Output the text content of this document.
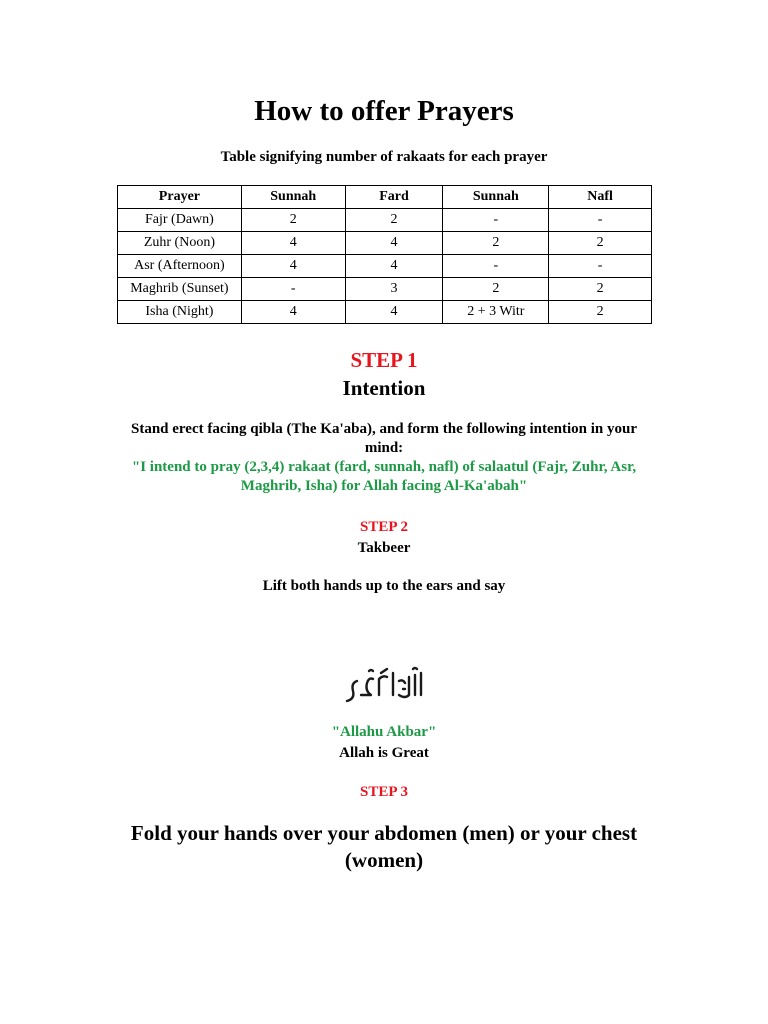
How to offer Prayers
Table signifying number of rakaats for each prayer
Prayer	Sunnah	Fard	Sunnah	Nafl
Fajr (Dawn)	2	2	-	-
Zuhr (Noon)	4	4	2	2
Asr (Afternoon)	4	4	-	-
Maghrib (Sunset)	-	3	2	2
Isha (Night)	4	4	2 + 3 Witr	2
STEP 1
Intention
Stand erect facing qibla (The Ka'aba), and form the following intention in your
mind:
"I intend to pray (2,3,4) rakaat (fard, sunnah, nafl) of salaatul (Fajr, Zuhr, Asr,
Maghrib, Isha) for Allah facing Al-Ka'abah"
STEP 2
Takbeer
Lift both hands up to the ears and say
"Allahu Akbar"
Allah is Great
STEP 3
Fold your hands over your abdomen (men) or your chest
(women)
